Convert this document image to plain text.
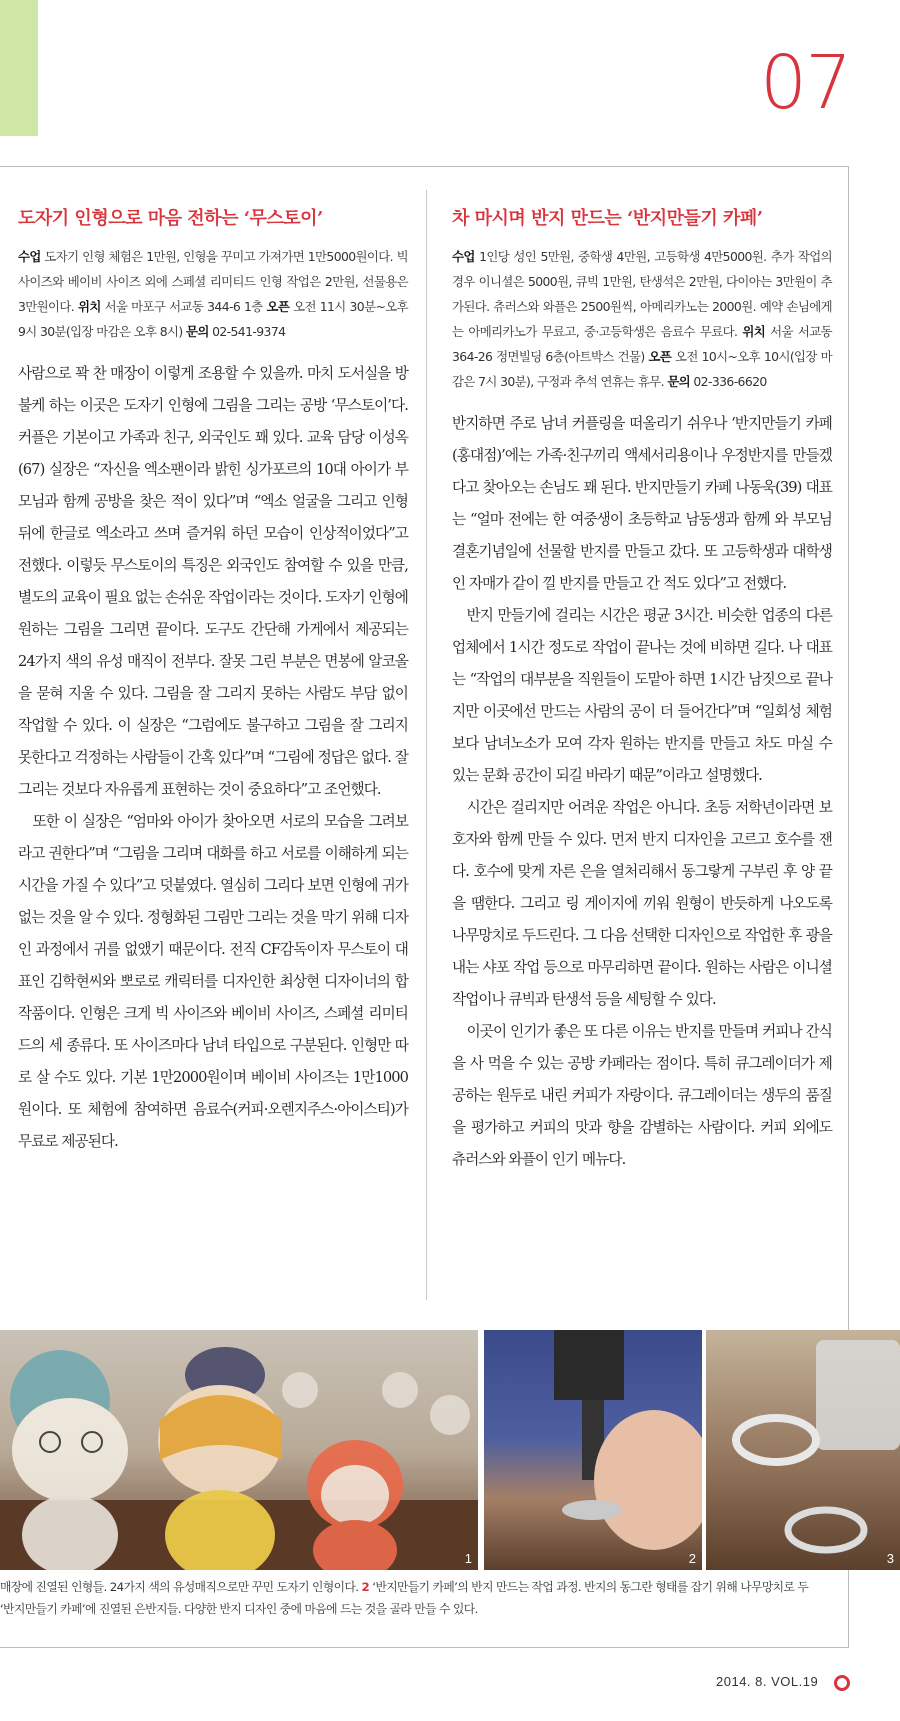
07
도자기 인형으로 마음 전하는 ‘무스토이’
수업 도자기 인형 체험은 1만원, 인형을 꾸미고 가져가면 1만5000원이다. 빅 사이즈와 베이비 사이즈 외에 스페셜 리미티드 인형 작업은 2만원, 선물용은 3만원이다. 위치 서울 마포구 서교동 344-6 1층 오픈 오전 11시 30분~오후 9시 30분(입장 마감은 오후 8시) 문의 02-541-9374

사람으로 꽉 찬 매장이 이렇게 조용할 수 있을까. 마치 도서실을 방불케 하는 이곳은 도자기 인형에 그림을 그리는 공방 ‘무스토이’다. 커플은 기본이고 가족과 친구, 외국인도 꽤 있다. 교육 담당 이성옥(67) 실장은 “자신을 엑소팬이라 밝힌 싱가포르의 10대 아이가 부모님과 함께 공방을 찾은 적이 있다”며 “엑소 얼굴을 그리고 인형 뒤에 한글로 엑소라고 쓰며 즐거워 하던 모습이 인상적이었다”고 전했다. 이렇듯 무스토이의 특징은 외국인도 참여할 수 있을 만큼, 별도의 교육이 필요 없는 손쉬운 작업이라는 것이다. 도자기 인형에 원하는 그림을 그리면 끝이다. 도구도 간단해 가게에서 제공되는 24가지 색의 유성 매직이 전부다. 잘못 그린 부분은 면봉에 알코올을 묻혀 지울 수 있다. 그림을 잘 그리지 못하는 사람도 부담 없이 작업할 수 있다. 이 실장은 “그럼에도 불구하고 그림을 잘 그리지 못한다고 걱정하는 사람들이 간혹 있다”며 “그림에 정답은 없다. 잘 그리는 것보다 자유롭게 표현하는 것이 중요하다”고 조언했다.

또한 이 실장은 “엄마와 아이가 찾아오면 서로의 모습을 그려보라고 권한다”며 “그림을 그리며 대화를 하고 서로를 이해하게 되는 시간을 가질 수 있다”고 덧붙였다. 열심히 그리다 보면 인형에 귀가 없는 것을 알 수 있다. 정형화된 그림만 그리는 것을 막기 위해 디자인 과정에서 귀를 없앴기 때문이다. 전직 CF감독이자 무스토이 대표인 김학현씨와 뽀로로 캐릭터를 디자인한 최상현 디자이너의 합작품이다. 인형은 크게 빅 사이즈와 베이비 사이즈, 스페셜 리미티드의 세 종류다. 또 사이즈마다 남녀 타입으로 구분된다. 인형만 따로 살 수도 있다. 기본 1만2000원이며 베이비 사이즈는 1만1000원이다. 또 체험에 참여하면 음료수(커피·오렌지주스·아이스티)가 무료로 제공된다.

차 마시며 반지 만드는 ‘반지만들기 카페’
수업 1인당 성인 5만원, 중학생 4만원, 고등학생 4만5000원. 추가 작업의 경우 이니셜은 5000원, 큐빅 1만원, 탄생석은 2만원, 다이아는 3만원이 추가된다. 츄러스와 와플은 2500원씩, 아메리카노는 2000원. 예약 손님에게는 아메리카노가 무료고, 중·고등학생은 음료수 무료다. 위치 서울 서교동 364-26 정면빌딩 6층(아트박스 건물) 오픈 오전 10시~오후 10시(입장 마감은 7시 30분), 구정과 추석 연휴는 휴무. 문의 02-336-6620

반지하면 주로 남녀 커플링을 떠올리기 쉬우나 ‘반지만들기 카페(홍대점)’에는 가족·친구끼리 액세서리용이나 우정반지를 만들겠다고 찾아오는 손님도 꽤 된다. 반지만들기 카페 나동욱(39) 대표는 “얼마 전에는 한 여중생이 초등학교 남동생과 함께 와 부모님 결혼기념일에 선물할 반지를 만들고 갔다. 또 고등학생과 대학생인 자매가 같이 낄 반지를 만들고 간 적도 있다”고 전했다.

반지 만들기에 걸리는 시간은 평균 3시간. 비슷한 업종의 다른 업체에서 1시간 정도로 작업이 끝나는 것에 비하면 길다. 나 대표는 “작업의 대부분을 직원들이 도맡아 하면 1시간 남짓으로 끝나지만 이곳에선 만드는 사람의 공이 더 들어간다”며 “일회성 체험보다 남녀노소가 모여 각자 원하는 반지를 만들고 차도 마실 수 있는 문화 공간이 되길 바라기 때문”이라고 설명했다.

시간은 걸리지만 어려운 작업은 아니다. 초등 저학년이라면 보호자와 함께 만들 수 있다. 먼저 반지 디자인을 고르고 호수를 잰다. 호수에 맞게 자른 은을 열처리해서 동그랗게 구부린 후 양 끝을 땜한다. 그리고 링 게이지에 끼워 원형이 반듯하게 나오도록 나무망치로 두드린다. 그 다음 선택한 디자인으로 작업한 후 광을 내는 샤포 작업 등으로 마무리하면 끝이다. 원하는 사람은 이니셜 작업이나 큐빅과 탄생석 등을 세팅할 수 있다.

이곳이 인기가 좋은 또 다른 이유는 반지를 만들며 커피나 간식을 사 먹을 수 있는 공방 카페라는 점이다. 특히 큐그레이더가 제공하는 원두로 내린 커피가 자랑이다. 큐그레이더는 생두의 품질을 평가하고 커피의 맛과 향을 감별하는 사람이다. 커피 외에도 츄러스와 와플이 인기 메뉴다.

1	2	3
매장에 진열된 인형들. 24가지 색의 유성매직으로만 꾸민 도자기 인형이다. 2 ‘반지만들기 카페’의 반지 만드는 작업 과정. 반지의 동그란 형태를 잡기 위해 나무망치로 두
‘반지만들기 카페’에 진열된 은반지들. 다양한 반지 디자인 중에 마음에 드는 것을 골라 만들 수 있다.
2014. 8. VOL.19
